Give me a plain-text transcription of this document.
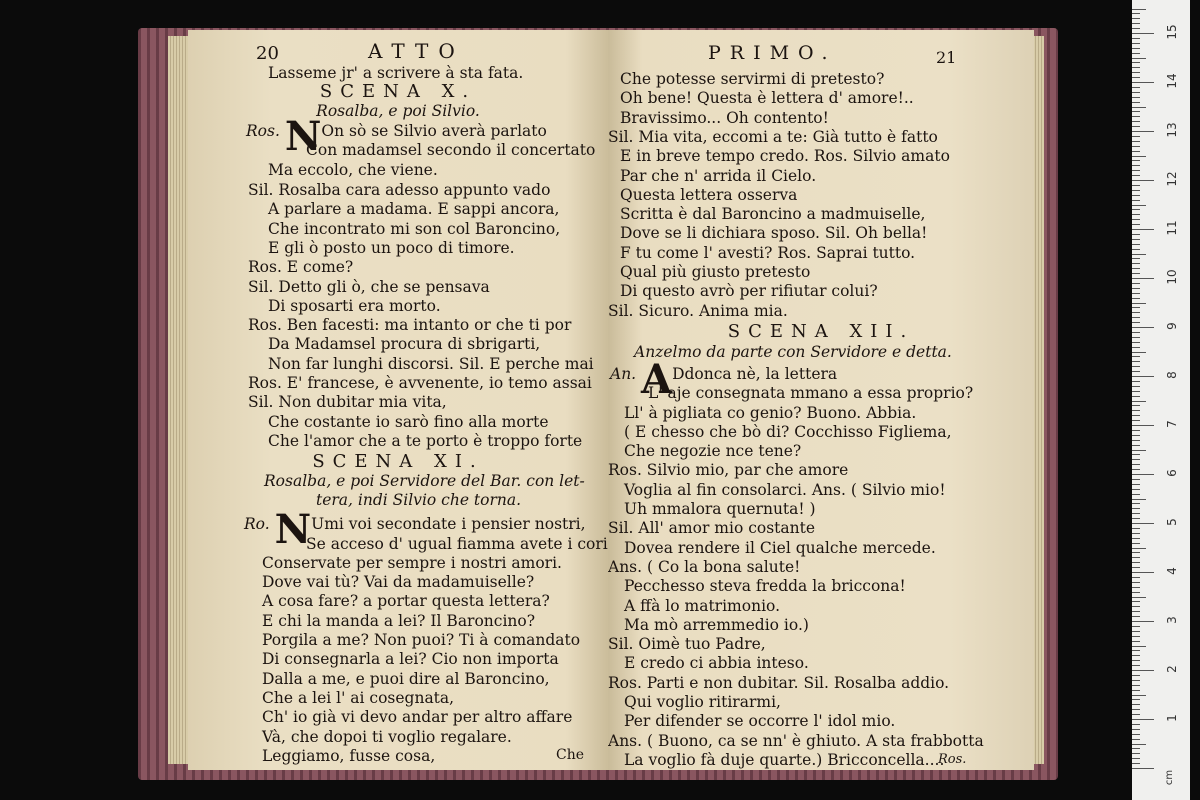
20	ATTO
Lasseme jr' a scrivere à sta fata.
SCENA X.
Rosalba, e poi Silvio.
Ros. NOn sò se Silvio averà parlato
Con madamsel secondo il concertato
Ma eccolo, che viene.
Sil. Rosalba cara adesso appunto vado
A parlare a madama. E sappi ancora,
Che incontrato mi son col Baroncino,
E gli ò posto un poco di timore.
Ros. E come?
Sil. Detto gli ò, che se pensava
Di sposarti era morto.
Ros. Ben facesti: ma intanto or che ti por
Da Madamsel procura di sbrigarti,
Non far lunghi discorsi. Sil. E perche mai
Ros. E' francese, è avvenente, io temo assai
Sil. Non dubitar mia vita,
Che costante io sarò fino alla morte
Che l'amor che a te porto è troppo forte
SCENA XI.
Rosalba, e poi Servidore del Bar. con let-
tera, indi Silvio che torna.
Ro. NUmi voi secondate i pensier nostri,
Se acceso d' ugual fiamma avete i cori
Conservate per sempre i nostri amori.
Dove vai tù? Vai da madamuiselle?
A cosa fare? a portar questa lettera?
E chi la manda a lei? Il Baroncino?
Porgila a me? Non puoi? Ti à comandato
Di consegnarla a lei? Cio non importa
Dalla a me, e puoi dire al Baroncino,
Che a lei l' ai cosegnata,
Ch' io già vi devo andar per altro affare
Và, che dopoi ti voglio regalare.
Leggiamo, fusse cosa,	Che
PRIMO.	21
Che potesse servirmi di pretesto?
Oh bene! Questa è lettera d' amore!..
Bravissimo... Oh contento!
Sil. Mia vita, eccomi a te: Già tutto è fatto
E in breve tempo credo. Ros. Silvio amato
Par che n' arrida il Cielo.
Questa lettera osserva
Scritta è dal Baroncino a madmuiselle,
Dove se li dichiara sposo. Sil. Oh bella!
F tu come l' avesti? Ros. Saprai tutto.
Qual più giusto pretesto
Di questo avrò per rifiutar colui?
Sil. Sicuro. Anima mia.
SCENA XII.
Anzelmo da parte con Servidore e detta.
An. ADdonca nè, la lettera
L' aje consegnata mmano a essa proprio?
Ll' à pigliata co genio? Buono. Abbia.
( E chesso che bò di? Cocchisso Figliema,
Che negozie nce tene?
Ros. Silvio mio, par che amore
Voglia al fin consolarci. Ans. ( Silvio mio!
Uh mmalora quernuta! )
Sil. All' amor mio costante
Dovea rendere il Ciel qualche mercede.
Ans. ( Co la bona salute!
Pecchesso steva fredda la briccona!
A ffà lo matrimonio.
Ma mò arremmedio io.)
Sil. Oimè tuo Padre,
E credo ci abbia inteso.
Ros. Parti e non dubitar. Sil. Rosalba addio.
Qui voglio ritirarmi,
Per difender se occorre l' idol mio.
Ans. ( Buono, ca se nn' è ghiuto. A sta frabbotta
La voglio fà duje quarte.) Bricconcella....
Ros.
1
2
3
4
5
6
7
8
9
10
11
12
13
14
15
cm
